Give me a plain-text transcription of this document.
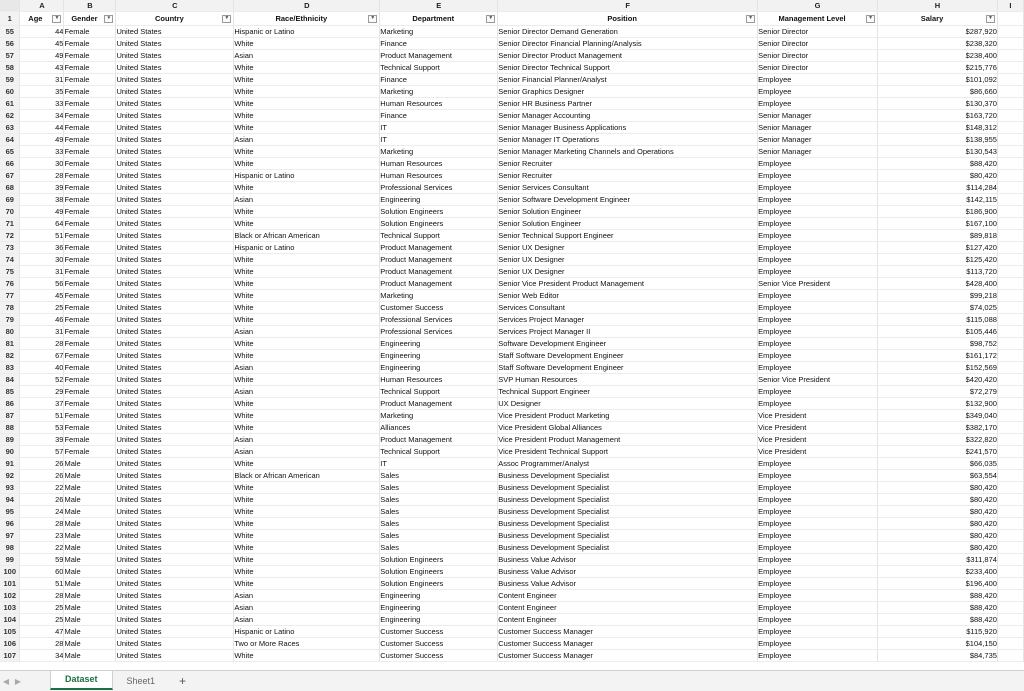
	A	B	C	D	E	F	G	H	I
1	Age ▼	Gender ▾	Country ▼	Race/Ethnicity ▼	Department ▼	Position ▼	Management Level ▼	Salary ▼	

55	44	Female	United States	Hispanic or Latino	Marketing	Senior Director Demand Generation	Senior Director	$287,920	
56	45	Female	United States	White	Finance	Senior Director Financial Planning/Analysis	Senior Director	$238,320	
57	49	Female	United States	Asian	Product Management	Senior Director Product Management	Senior Director	$238,400	
58	43	Female	United States	White	Technical Support	Senior Director Technical Support	Senior Director	$215,776	
59	31	Female	United States	White	Finance	Senior Financial Planner/Analyst	Employee	$101,092	
60	35	Female	United States	White	Marketing	Senior Graphics Designer	Employee	$86,660	
61	33	Female	United States	White	Human Resources	Senior HR Business Partner	Employee	$130,370	
62	34	Female	United States	White	Finance	Senior Manager Accounting	Senior Manager	$163,720	
63	44	Female	United States	White	IT	Senior Manager Business Applications	Senior Manager	$148,312	
64	49	Female	United States	Asian	IT	Senior Manager IT Operations	Senior Manager	$138,955	
65	33	Female	United States	White	Marketing	Senior Manager Marketing Channels and Operations	Senior Manager	$130,543	
66	30	Female	United States	White	Human Resources	Senior Recruiter	Employee	$88,420	
67	28	Female	United States	Hispanic or Latino	Human Resources	Senior Recruiter	Employee	$80,420	
68	39	Female	United States	White	Professional Services	Senior Services Consultant	Employee	$114,284	
69	38	Female	United States	Asian	Engineering	Senior Software Development Engineer	Employee	$142,115	
70	49	Female	United States	White	Solution Engineers	Senior Solution Engineer	Employee	$186,900	
71	64	Female	United States	White	Solution Engineers	Senior Solution Engineer	Employee	$167,100	
72	51	Female	United States	Black or African American	Technical Support	Senior Technical Support Engineer	Employee	$89,818	
73	36	Female	United States	Hispanic or Latino	Product Management	Senior UX Designer	Employee	$127,420	
74	30	Female	United States	White	Product Management	Senior UX Designer	Employee	$125,420	
75	31	Female	United States	White	Product Management	Senior UX Designer	Employee	$113,720	
76	56	Female	United States	White	Product Management	Senior Vice President Product Management	Senior Vice President	$428,400	
77	45	Female	United States	White	Marketing	Senior Web Editor	Employee	$99,218	
78	25	Female	United States	White	Customer Success	Services Consultant	Employee	$74,025	
79	46	Female	United States	White	Professional Services	Services Project Manager	Employee	$115,088	
80	31	Female	United States	Asian	Professional Services	Services Project Manager II	Employee	$105,446	
81	28	Female	United States	White	Engineering	Software Development Engineer	Employee	$98,752	
82	67	Female	United States	White	Engineering	Staff Software Development Engineer	Employee	$161,172	
83	40	Female	United States	Asian	Engineering	Staff Software Development Engineer	Employee	$152,569	
84	52	Female	United States	White	Human Resources	SVP Human Resources	Senior Vice President	$420,420	
85	29	Female	United States	Asian	Technical Support	Technical Support Engineer	Employee	$72,279	
86	37	Female	United States	White	Product Management	UX Designer	Employee	$132,900	
87	51	Female	United States	White	Marketing	Vice President Product Marketing	Vice President	$349,040	
88	53	Female	United States	White	Alliances	Vice President Global Alliances	Vice President	$382,170	
89	39	Female	United States	Asian	Product Management	Vice President Product Management	Vice President	$322,820	
90	57	Female	United States	Asian	Technical Support	Vice President Technical Support	Vice President	$241,570	
91	26	Male	United States	White	IT	Assoc Programmer/Analyst	Employee	$66,035	
92	26	Male	United States	Black or African American	Sales	Business Development Specialist	Employee	$63,554	
93	22	Male	United States	White	Sales	Business Development Specialist	Employee	$80,420	
94	26	Male	United States	White	Sales	Business Development Specialist	Employee	$80,420	
95	24	Male	United States	White	Sales	Business Development Specialist	Employee	$80,420	
96	28	Male	United States	White	Sales	Business Development Specialist	Employee	$80,420	
97	23	Male	United States	White	Sales	Business Development Specialist	Employee	$80,420	
98	22	Male	United States	White	Sales	Business Development Specialist	Employee	$80,420	
99	59	Male	United States	White	Solution Engineers	Business Value Advisor	Employee	$311,874	
100	60	Male	United States	White	Solution Engineers	Business Value Advisor	Employee	$233,400	
101	51	Male	United States	White	Solution Engineers	Business Value Advisor	Employee	$196,400	
102	28	Male	United States	Asian	Engineering	Content Engineer	Employee	$88,420	
103	25	Male	United States	Asian	Engineering	Content Engineer	Employee	$88,420	
104	25	Male	United States	Asian	Engineering	Content Engineer	Employee	$88,420	
105	47	Male	United States	Hispanic or Latino	Customer Success	Customer Success Manager	Employee	$115,920	
106	28	Male	United States	Two or More Races	Customer Success	Customer Success Manager	Employee	$104,150	
107	34	Male	United States	White	Customer Success	Customer Success Manager	Employee	$84,735	
◀ ▶	Dataset	Sheet1	+
